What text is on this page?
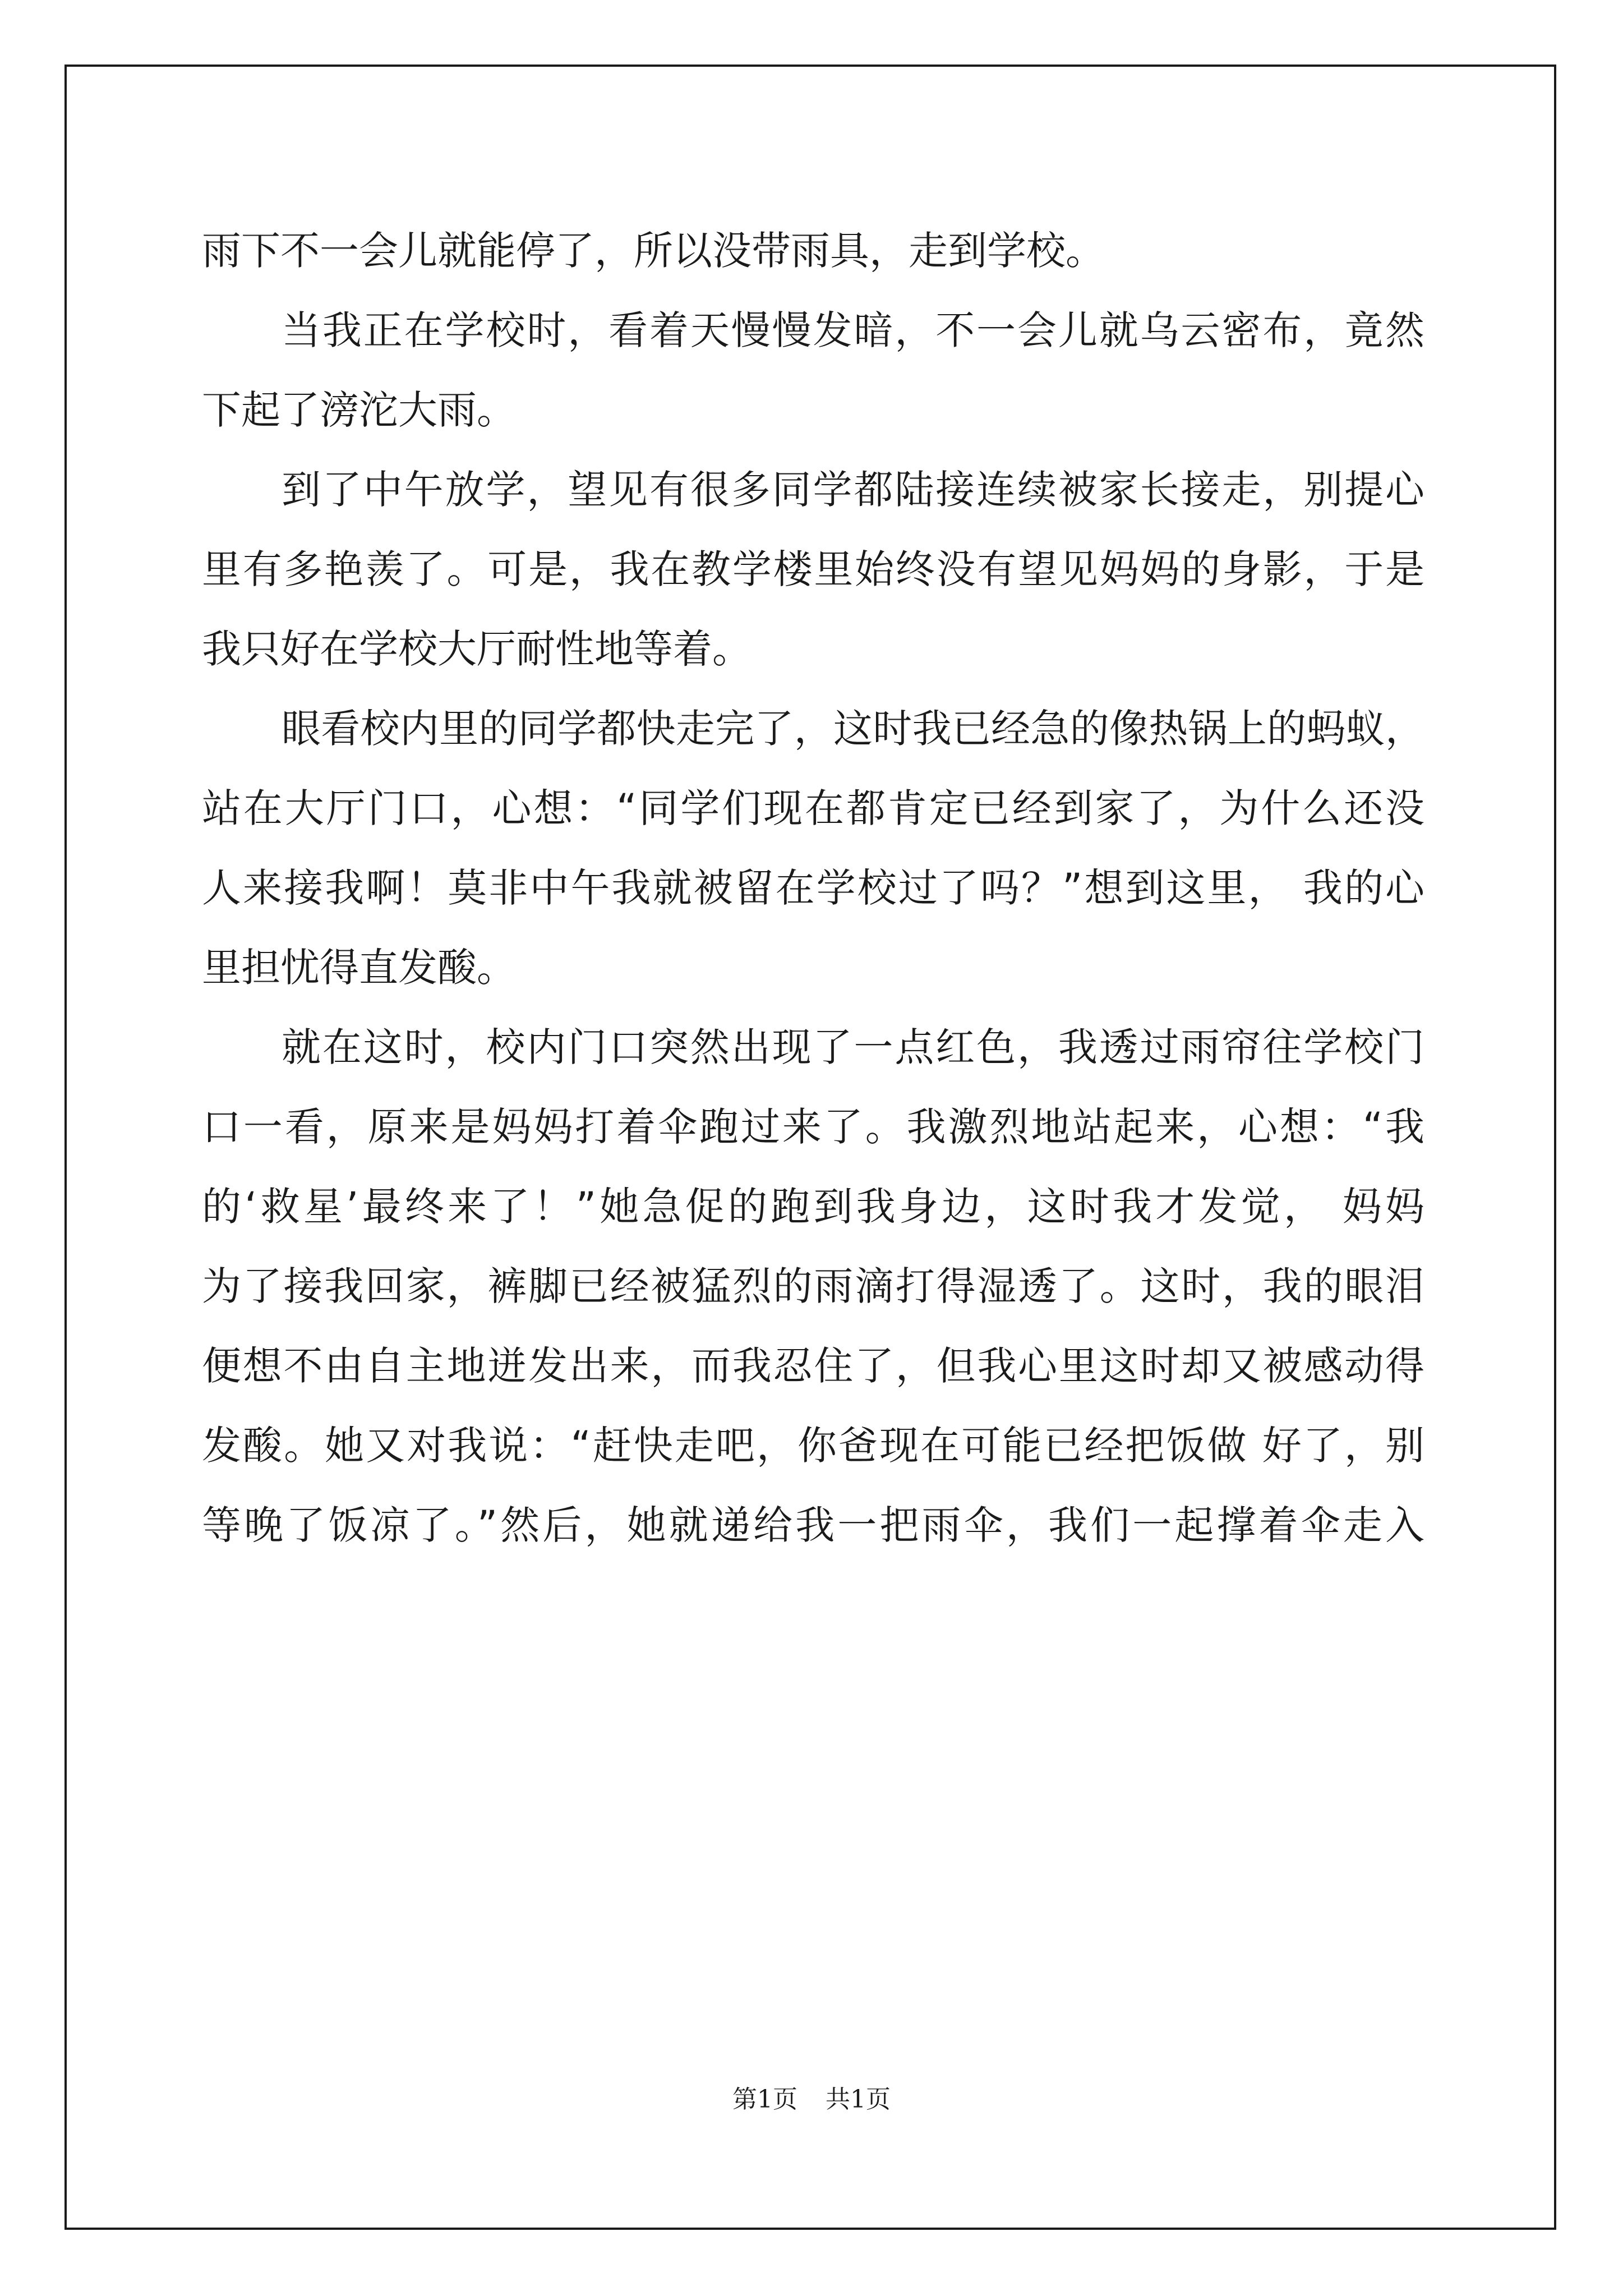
雨下不一会儿就能停了，所以没带雨具，走到学校。
当我正在学校时，看着天慢慢发暗，不一会儿就乌云密布，竟然
下起了滂沱大雨。
到了中午放学，望见有很多同学都陆接连续被家长接走，别提心
里有多艳羡了。可是，我在教学楼里始终没有望见妈妈的身影，于是
我只好在学校大厅耐性地等着。
眼看校内里的同学都快走完了，这时我已经急的像热锅上的蚂蚁，
站在大厅门口，心想：“同学们现在都肯定已经到家了，为什么还没
人来接我啊！莫非中午我就被留在学校过了吗？”想到这里， 我的心
里担忧得直发酸。
就在这时，校内门口突然出现了一点红色，我透过雨帘往学校门
口一看，原来是妈妈打着伞跑过来了。我激烈地站起来，心想：“我
的‘救星’最终来了！”她急促的跑到我身边，这时我才发觉， 妈妈
为了接我回家，裤脚已经被猛烈的雨滴打得湿透了。这时，我的眼泪
便想不由自主地迸发出来，而我忍住了，但我心里这时却又被感动得
发酸。她又对我说：“赶快走吧，你爸现在可能已经把饭做 好了，别
等晚了饭凉了。”然后，她就递给我一把雨伞，我们一起撑着伞走入
第1页 共1页
